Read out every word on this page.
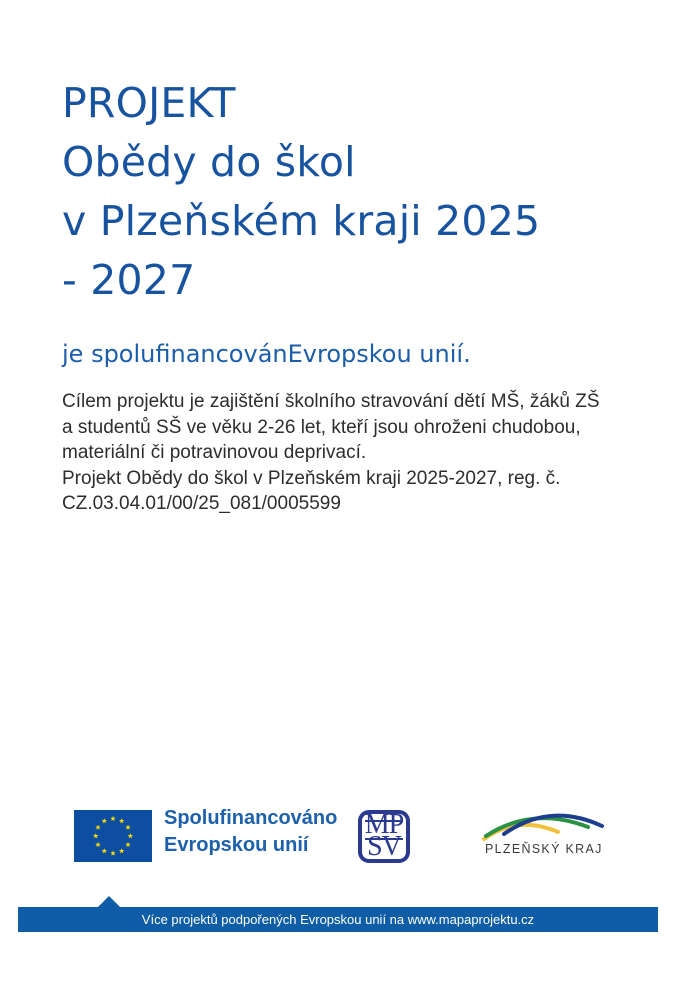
PROJEKT
Obědy do škol
v Plzeňském kraji 2025
- 2027
je spolufinancovánEvropskou unií.
Cílem projektu je zajištění školního stravování dětí MŠ, žáků ZŠ
a studentů SŠ ve věku 2-26 let, kteří jsou ohroženi chudobou,
materiální či potravinovou deprivací.
Projekt Obědy do škol v Plzeňském kraji 2025-2027, reg. č.
CZ.03.04.01/00/25_081/0005599
Spolufinancováno
Evropskou unií
MP
SV	PLZEŇSKÝ KRAJ
Více projektů podpořených Evropskou unií na www.mapaprojektu.cz
